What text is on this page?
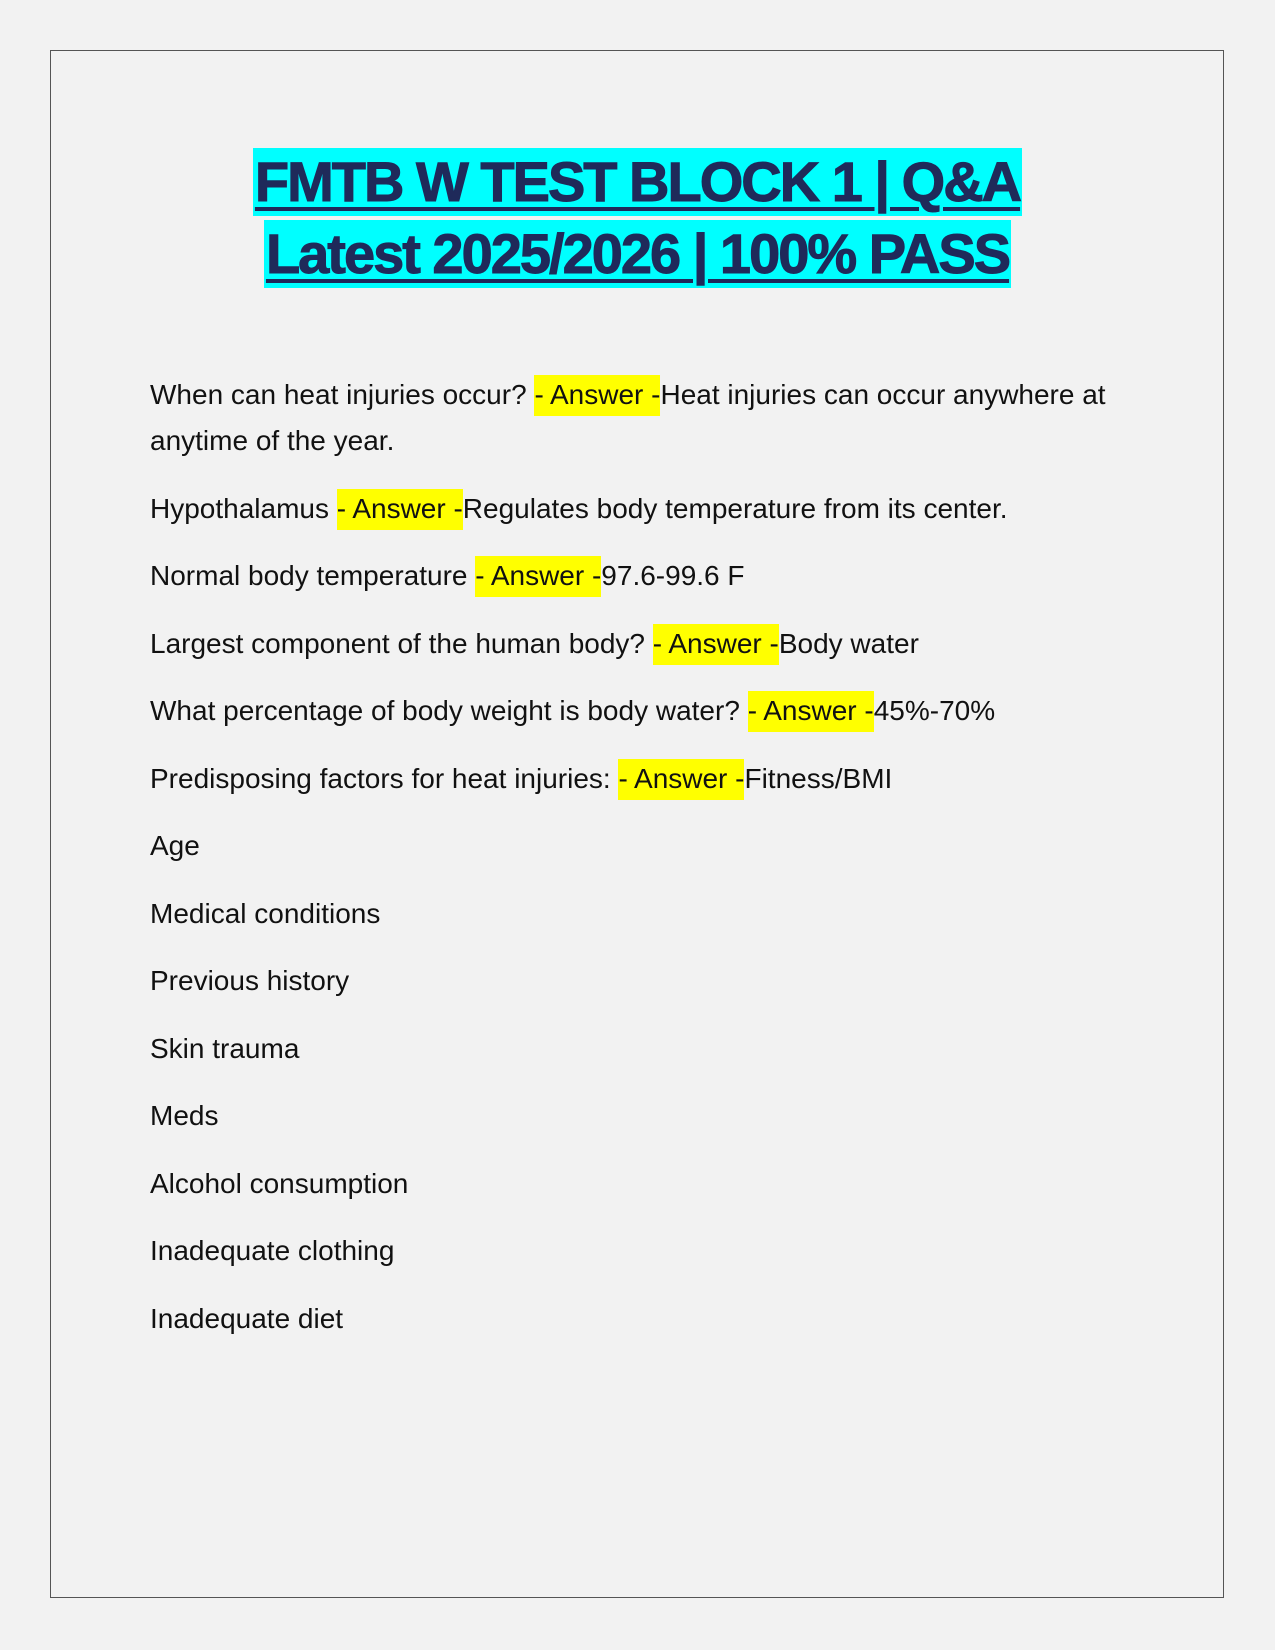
FMTB W TEST BLOCK 1 | Q&A
Latest 2025/2026 | 100% PASS

When can heat injuries occur? - Answer -Heat injuries can occur anywhere at anytime of the year.

Hypothalamus - Answer -Regulates body temperature from its center.

Normal body temperature - Answer -97.6-99.6 F

Largest component of the human body? - Answer -Body water

What percentage of body weight is body water? - Answer -45%-70%

Predisposing factors for heat injuries: - Answer -Fitness/BMI

Age

Medical conditions

Previous history

Skin trauma

Meds

Alcohol consumption

Inadequate clothing

Inadequate diet
